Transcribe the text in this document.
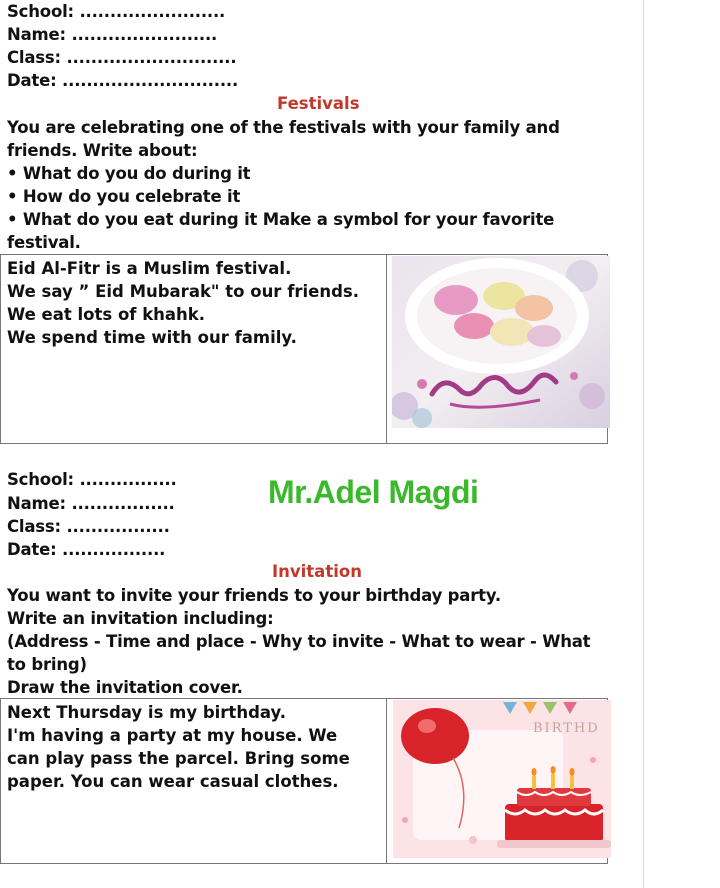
School: ........................
Name: ........................
Class: ............................
Date: .............................
Festivals
You are celebrating one of the festivals with your family and
friends. Write about:
• What do you do during it
• How do you celebrate it
• What do you eat during it Make a symbol for your favorite
festival.
Eid Al-Fitr is a Muslim festival.
We say ” Eid Mubarak" to our friends.
We eat lots of khahk.
We spend time with our family.
School: ................
Name: .................
Class: .................
Date: .................
Mr.Adel Magdi
Invitation
You want to invite your friends to your birthday party.
Write an invitation including:
(Address - Time and place - Why to invite - What to wear - What
to bring)
Draw the invitation cover.
Next Thursday is my birthday.
I'm having a party at my house. We
can play pass the parcel. Bring some
paper. You can wear casual clothes.
BIRTHD
